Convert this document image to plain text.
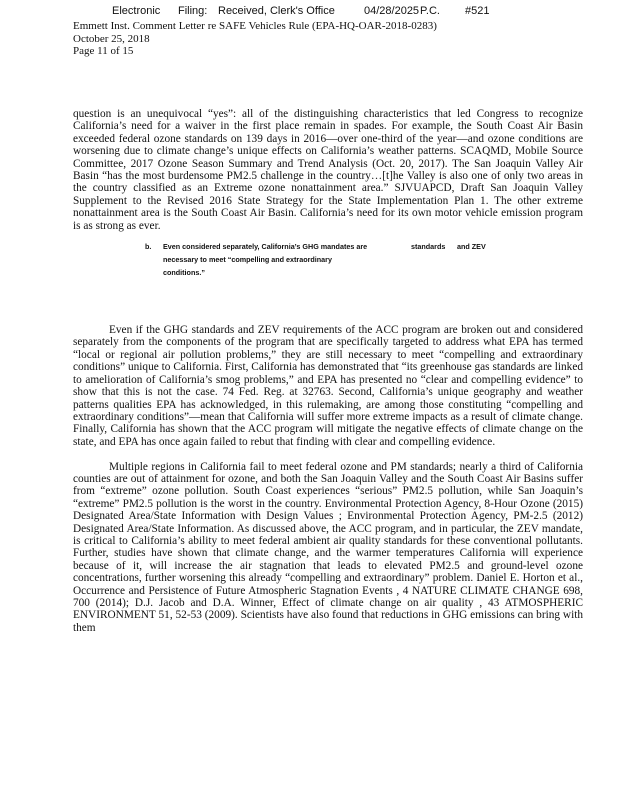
Electronic Filing: Received, Clerk's Office	04/28/2025 P.C. #521
Emmett Inst. Comment Letter re SAFE Vehicles Rule (EPA-HQ-OAR-2018-0283)
October 25, 2018
Page 11 of 15

question is an unequivocal “yes”: all of the distinguishing characteristics that led Congress to recognize California’s need for a waiver in the first place remain in spades. For example, the South Coast Air Basin exceeded federal ozone standards on 139 days in 2016—over one-third of the year—and ozone conditions are worsening due to climate change’s unique effects on California’s weather patterns. SCAQMD, Mobile Source Committee, 2017 Ozone Season Summary and Trend Analysis (Oct. 20, 2017). The San Joaquin Valley Air Basin “has the most burdensome PM2.5 challenge in the country…[t]he Valley is also one of only two areas in the country classified as an Extreme ozone nonattainment area.” SJVUAPCD, Draft San Joaquin Valley Supplement to the Revised 2016 State Strategy for the State Implementation Plan 1. The other extreme nonattainment area is the South Coast Air Basin. California’s need for its own motor vehicle emission program is as strong as ever.

b. Even considered separately, California’s GHG mandates are necessary to meet “compelling and extraordinary conditions.”
standards and ZEV

Even if the GHG standards and ZEV requirements of the ACC program are broken out and considered separately from the components of the program that are specifically targeted to address what EPA has termed “local or regional air pollution problems,” they are still necessary to meet “compelling and extraordinary conditions” unique to California. First, California has demonstrated that “its greenhouse gas standards are linked to amelioration of California’s smog problems,” and EPA has presented no “clear and compelling evidence” to show that this is not the case. 74 Fed. Reg. at 32763. Second, California’s unique geography and weather patterns qualities EPA has acknowledged, in this rulemaking, are among those constituting “compelling and extraordinary conditions”—mean that California will suffer more extreme impacts as a result of climate change. Finally, California has shown that the ACC program will mitigate the negative effects of climate change on the state, and EPA has once again failed to rebut that finding with clear and compelling evidence.

Multiple regions in California fail to meet federal ozone and PM standards; nearly a third of California counties are out of attainment for ozone, and both the San Joaquin Valley and the South Coast Air Basins suffer from “extreme” ozone pollution. South Coast experiences “serious” PM2.5 pollution, while San Joaquin’s “extreme” PM2.5 pollution is the worst in the country. Environmental Protection Agency, 8-Hour Ozone (2015) Designated Area/State Information with Design Values ; Environmental Protection Agency, PM-2.5 (2012) Designated Area/State Information. As discussed above, the ACC program, and in particular, the ZEV mandate, is critical to California’s ability to meet federal ambient air quality standards for these conventional pollutants. Further, studies have shown that climate change, and the warmer temperatures California will experience because of it, will increase the air stagnation that leads to elevated PM2.5 and ground-level ozone concentrations, further worsening this already “compelling and extraordinary” problem. Daniel E. Horton et al., Occurrence and Persistence of Future Atmospheric Stagnation Events , 4 NATURE CLIMATE CHANGE 698, 700 (2014); D.J. Jacob and D.A. Winner, Effect of climate change on air quality , 43 ATMOSPHERIC ENVIRONMENT 51, 52-53 (2009). Scientists have also found that reductions in GHG emissions can bring with them
